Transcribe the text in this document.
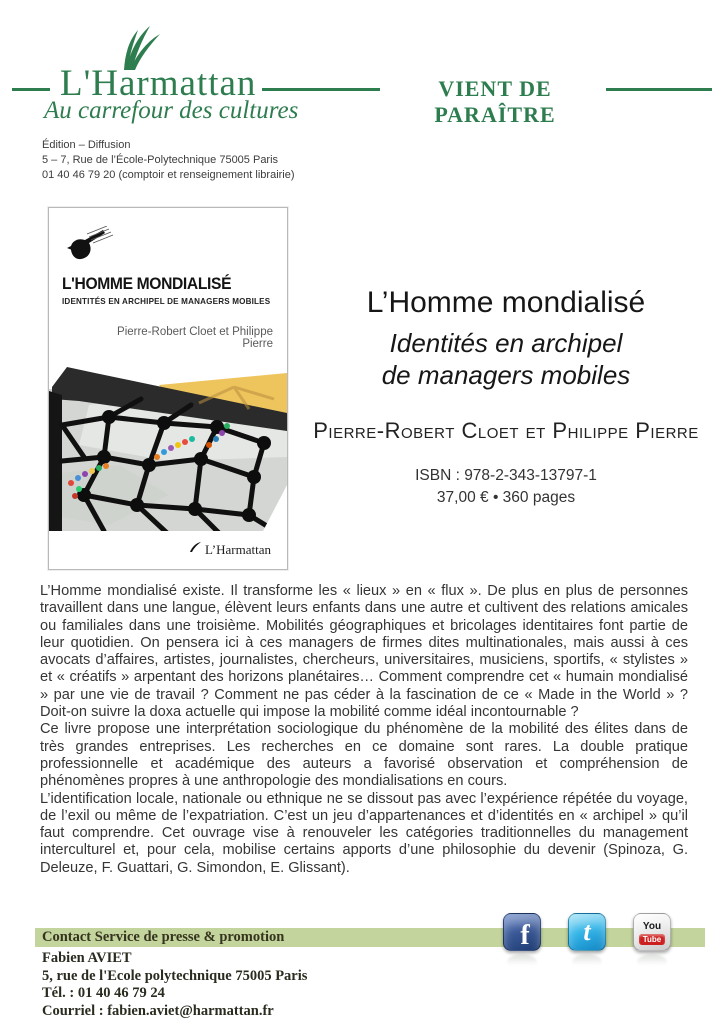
L'Harmattan
Au carrefour des cultures
VIENT DE PARAÎTRE
Édition – Diffusion
5 – 7, Rue de l’École-Polytechnique 75005 Paris
01 40 46 79 20 (comptoir et renseignement librairie)
L'HOMME MONDIALISÉ
IDENTITÉS EN ARCHIPEL DE MANAGERS MOBILES
Pierre-Robert Cloet et Philippe Pierre
L’Harmattan
L’Homme mondialisé
Identités en archipel
de managers mobiles
Pierre-Robert Cloet et Philippe Pierre
ISBN : 978-2-343-13797-1
37,00 € • 360 pages

L’Homme mondialisé existe. Il transforme les « lieux » en « flux ». De plus en plus de personnes travaillent dans une langue, élèvent leurs enfants dans une autre et cultivent des relations amicales ou familiales dans une troisième. Mobilités géographiques et bricolages identitaires font partie de leur quotidien. On pensera ici à ces managers de firmes dites multinationales, mais aussi à ces avocats d’affaires, artistes, journalistes, chercheurs, universitaires, musiciens, sportifs, « stylistes » et « créatifs » arpentant des horizons planétaires… Comment comprendre cet « humain mondialisé » par une vie de travail ? Comment ne pas céder à la fascination de ce « Made in the World » ? Doit-on suivre la doxa actuelle qui impose la mobilité comme idéal incontournable ?

Ce livre propose une interprétation sociologique du phénomène de la mobilité des élites dans de très grandes entreprises. Les recherches en ce domaine sont rares. La double pratique professionnelle et académique des auteurs a favorisé observation et compréhension de phénomènes propres à une anthropologie des mondialisations en cours.

L’identification locale, nationale ou ethnique ne se dissout pas avec l’expérience répétée du voyage, de l’exil ou même de l’expatriation. C’est un jeu d’appartenances et d’identités en « archipel » qu’il faut comprendre. Cet ouvrage vise à renouveler les catégories traditionnelles du management interculturel et, pour cela, mobilise certains apports d’une philosophie du devenir (Spinoza, G. Deleuze, F. Guattari, G. Simondon, E. Glissant).

Contact Service de presse & promotion
Fabien AVIET
5, rue de l'Ecole polytechnique 75005 Paris
Tél. : 01 40 46 79 24
Courriel : fabien.aviet@harmattan.fr
f t	You
Tube
